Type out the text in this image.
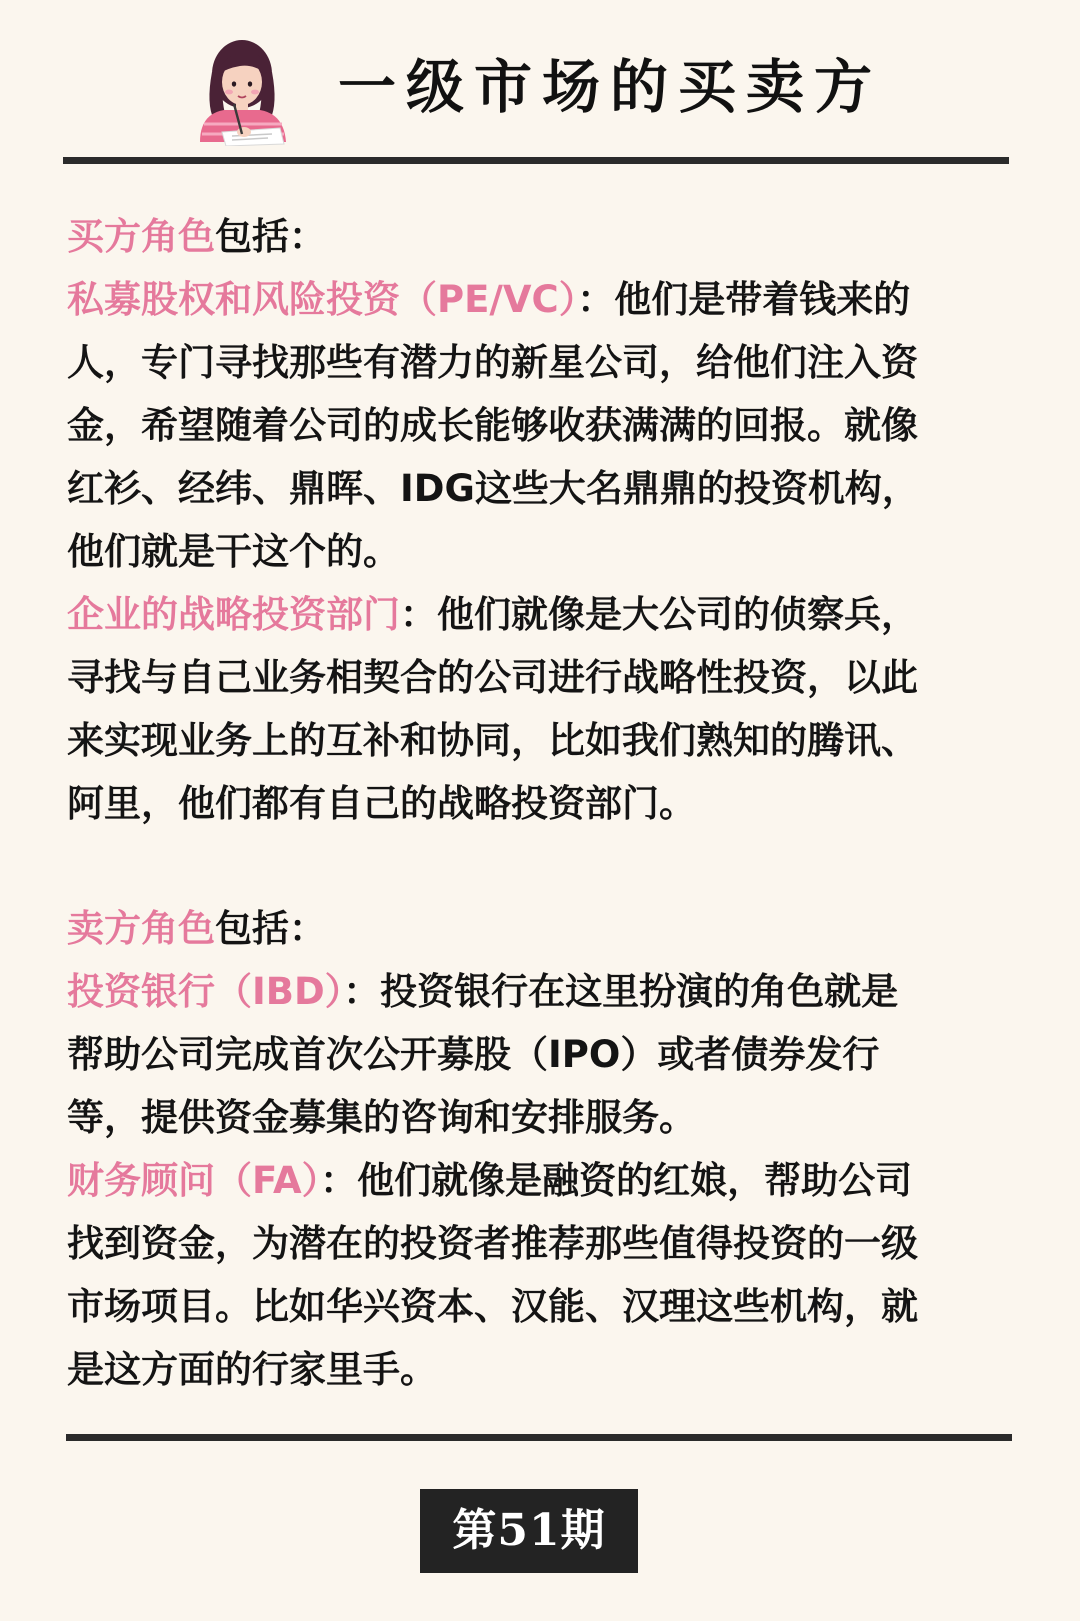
一级市场的买卖方
买方角色包括：
私募股权和风险投资（PE/VC）：他们是带着钱来的
人，专门寻找那些有潜力的新星公司，给他们注入资
金，希望随着公司的成长能够收获满满的回报。就像
红衫、经纬、鼎晖、IDG这些大名鼎鼎的投资机构，
他们就是干这个的。
企业的战略投资部门：他们就像是大公司的侦察兵，
寻找与自己业务相契合的公司进行战略性投资，以此
来实现业务上的互补和协同，比如我们熟知的腾讯、
阿里，他们都有自己的战略投资部门。
卖方角色包括：
投资银行（IBD）：投资银行在这里扮演的角色就是
帮助公司完成首次公开募股（IPO）或者债券发行
等，提供资金募集的咨询和安排服务。
财务顾问（FA）：他们就像是融资的红娘，帮助公司
找到资金，为潜在的投资者推荐那些值得投资的一级
市场项目。比如华兴资本、汉能、汉理这些机构，就
是这方面的行家里手。
第51期
